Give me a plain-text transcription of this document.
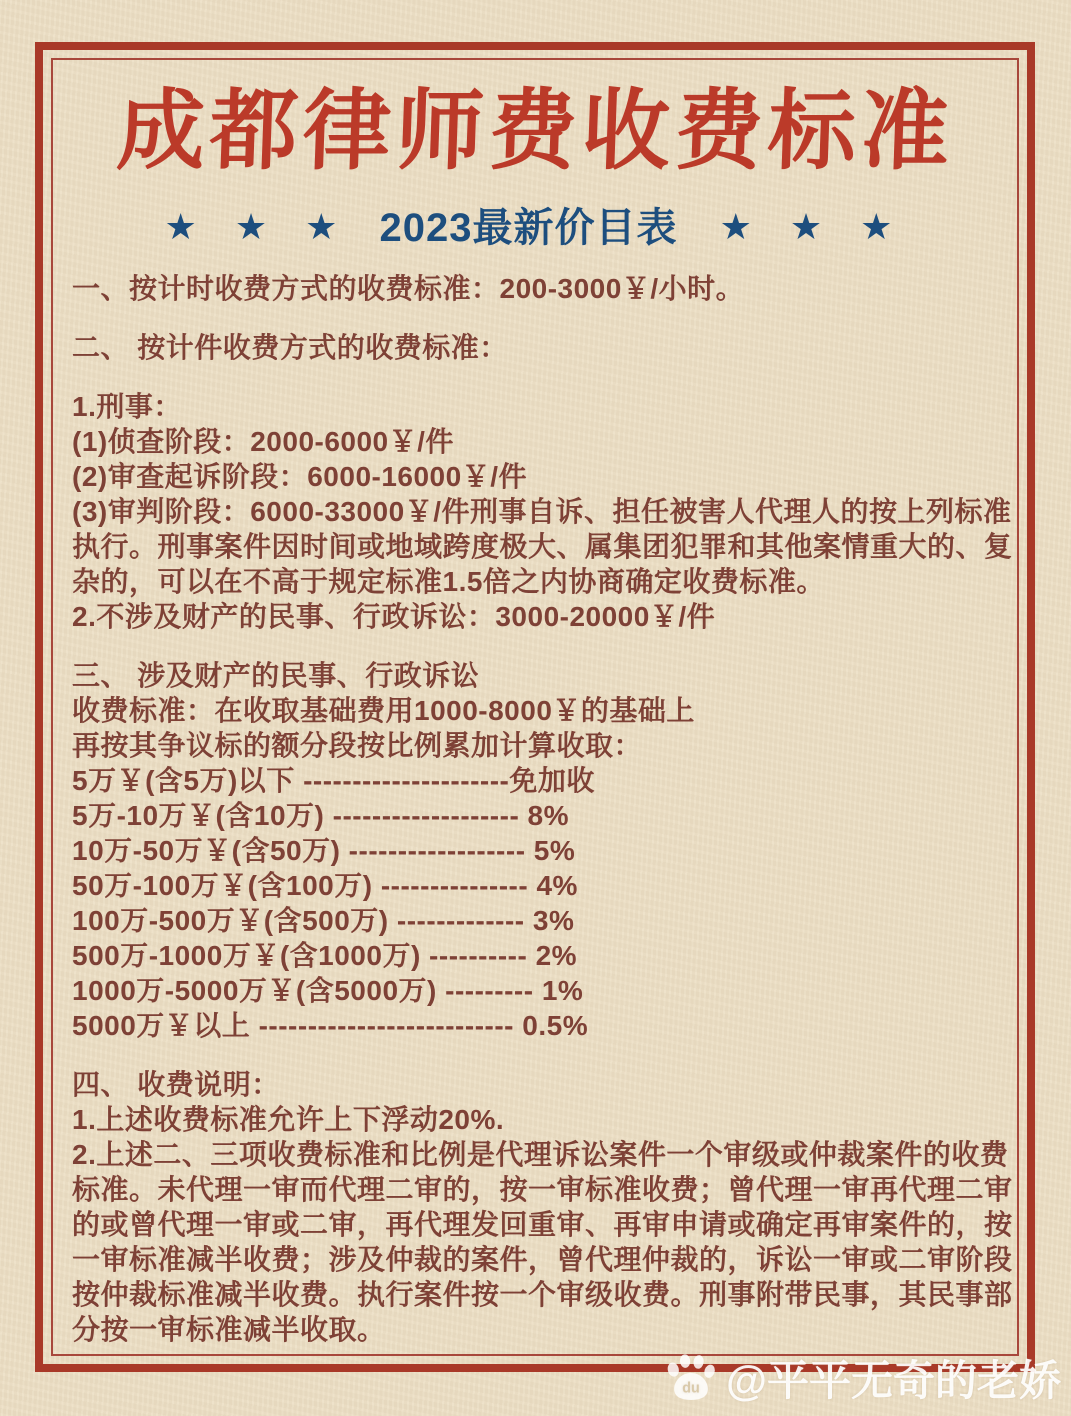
成都律师费收费标准
★ ★ ★ 2023最新价目表 ★ ★ ★
一、按计时收费方式的收费标准：200-3000￥/小时。
二、 按计件收费方式的收费标准：
1.刑事：
(1)侦查阶段：2000-6000￥/件
(2)审查起诉阶段：6000-16000￥/件
(3)审判阶段：6000-33000￥/件刑事自诉、担任被害人代理人的按上列标准
执行。刑事案件因时间或地域跨度极大、属集团犯罪和其他案情重大的、复
杂的，可以在不高于规定标准1.5倍之内协商确定收费标准。
2.不涉及财产的民事、行政诉讼：3000-20000￥/件
三、 涉及财产的民事、行政诉讼
收费标准：在收取基础费用1000-8000￥的基础上
再按其争议标的额分段按比例累加计算收取：
5万￥(含5万)以下 ---------------------免加收
5万-10万￥(含10万) ------------------- 8%
10万-50万￥(含50万) ------------------ 5%
50万-100万￥(含100万) --------------- 4%
100万-500万￥(含500万) ------------- 3%
500万-1000万￥(含1000万) ---------- 2%
1000万-5000万￥(含5000万) --------- 1%
5000万￥以上 -------------------------- 0.5%
四、 收费说明：
1.上述收费标准允许上下浮动20%.
2.上述二、三项收费标准和比例是代理诉讼案件一个审级或仲裁案件的收费
标准。未代理一审而代理二审的，按一审标准收费；曾代理一审再代理二审
的或曾代理一审或二审，再代理发回重审、再审申请或确定再审案件的，按
一审标准减半收费；涉及仲裁的案件，曾代理仲裁的，诉讼一审或二审阶段
按仲裁标准减半收费。执行案件按一个审级收费。刑事附带民事，其民事部
分按一审标准减半收取。
du @平平无奇的老娇
